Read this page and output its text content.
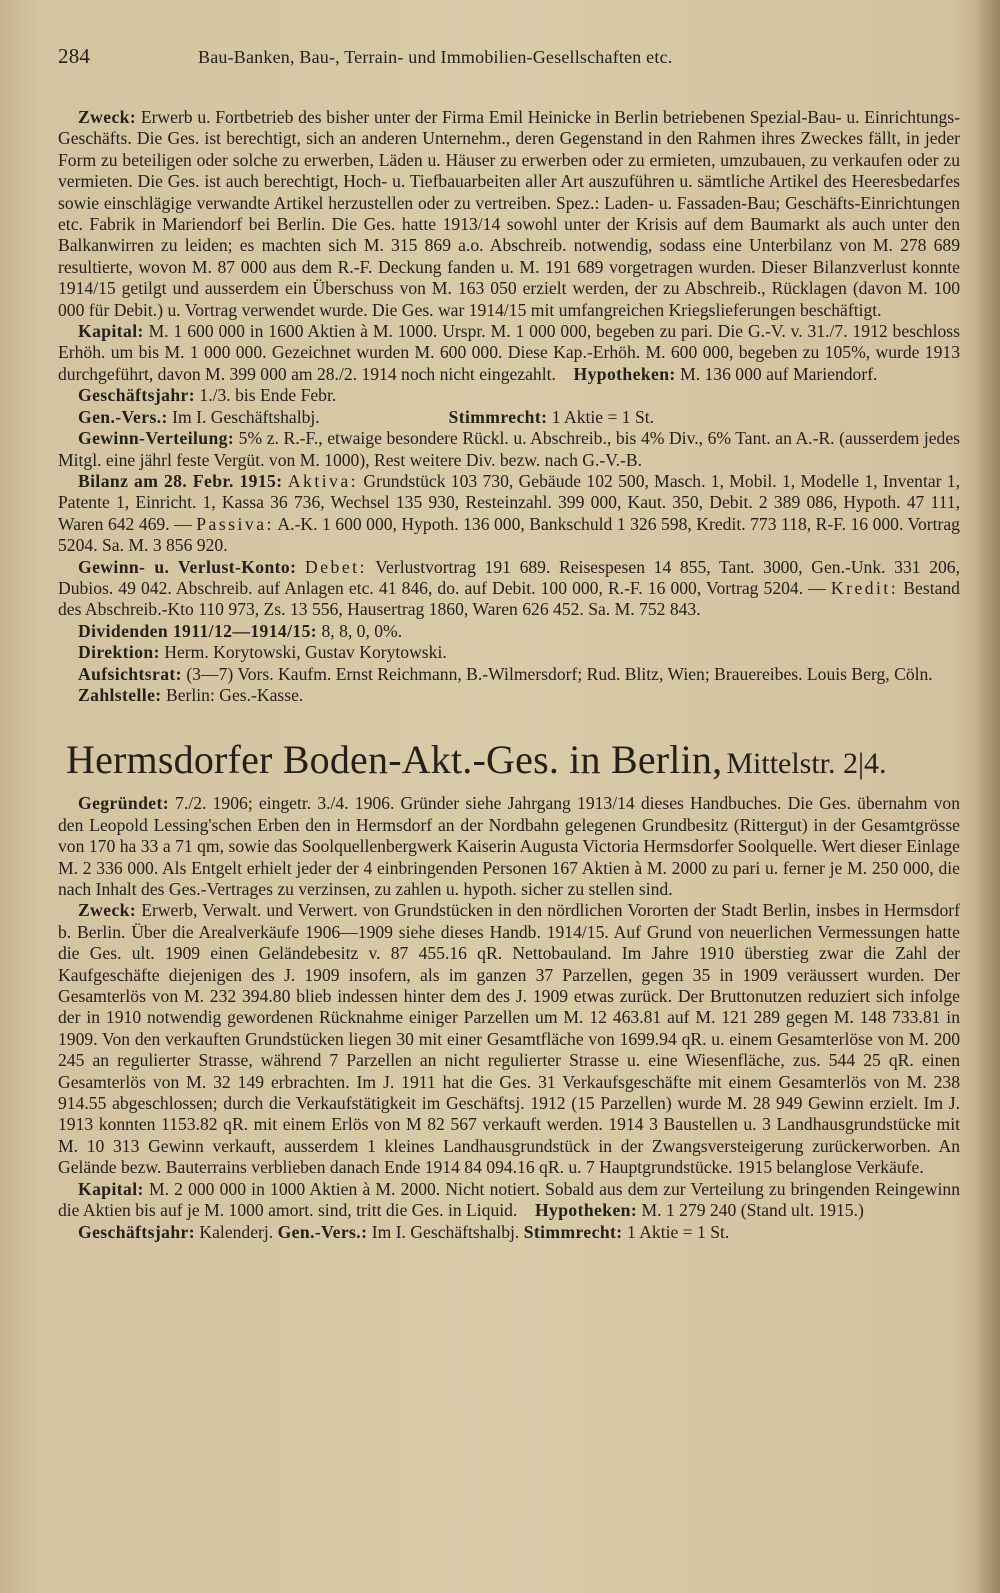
284	Bau-Banken, Bau-, Terrain- und Immobilien-Gesellschaften etc.

Zweck: Erwerb u. Fortbetrieb des bisher unter der Firma Emil Heinicke in Berlin betriebenen Spezial-Bau- u. Einrichtungs-Geschäfts. Die Ges. ist berechtigt, sich an anderen Unternehm., deren Gegenstand in den Rahmen ihres Zweckes fällt, in jeder Form zu beteiligen oder solche zu erwerben, Läden u. Häuser zu erwerben oder zu ermieten, umzubauen, zu verkaufen oder zu vermieten. Die Ges. ist auch berechtigt, Hoch- u. Tiefbauarbeiten aller Art auszuführen u. sämtliche Artikel des Heeresbedarfes sowie einschlägige verwandte Artikel herzustellen oder zu vertreiben. Spez.: Laden- u. Fassaden-Bau; Geschäfts-Einrichtungen etc. Fabrik in Mariendorf bei Berlin. Die Ges. hatte 1913/14 sowohl unter der Krisis auf dem Baumarkt als auch unter den Balkanwirren zu leiden; es machten sich M. 315 869 a.o. Abschreib. notwendig, sodass eine Unterbilanz von M. 278 689 resultierte, wovon M. 87 000 aus dem R.-F. Deckung fanden u. M. 191 689 vorgetragen wurden. Dieser Bilanzverlust konnte 1914/15 getilgt und ausserdem ein Überschuss von M. 163 050 erzielt werden, der zu Abschreib., Rücklagen (davon M. 100 000 für Debit.) u. Vortrag verwendet wurde. Die Ges. war 1914/15 mit umfangreichen Kriegslieferungen beschäftigt.

Kapital: M. 1 600 000 in 1600 Aktien à M. 1000. Urspr. M. 1 000 000, begeben zu pari. Die G.-V. v. 31./7. 1912 beschloss Erhöh. um bis M. 1 000 000. Gezeichnet wurden M. 600 000. Diese Kap.-Erhöh. M. 600 000, begeben zu 105%, wurde 1913 durchgeführt, davon M. 399 000 am 28./2. 1914 noch nicht eingezahlt. Hypotheken: M. 136 000 auf Mariendorf.

Geschäftsjahr: 1./3. bis Ende Febr.

Gen.-Vers.: Im I. Geschäftshalbj.	Stimmrecht: 1 Aktie = 1 St.

Gewinn-Verteilung: 5% z. R.-F., etwaige besondere Rückl. u. Abschreib., bis 4% Div., 6% Tant. an A.-R. (ausserdem jedes Mitgl. eine jährl feste Vergüt. von M. 1000), Rest weitere Div. bezw. nach G.-V.-B.

Bilanz am 28. Febr. 1915: Aktiva: Grundstück 103 730, Gebäude 102 500, Masch. 1, Mobil. 1, Modelle 1, Inventar 1, Patente 1, Einricht. 1, Kassa 36 736, Wechsel 135 930, Resteinzahl. 399 000, Kaut. 350, Debit. 2 389 086, Hypoth. 47 111, Waren 642 469. — Passiva: A.-K. 1 600 000, Hypoth. 136 000, Bankschuld 1 326 598, Kredit. 773 118, R-F. 16 000. Vortrag 5204. Sa. M. 3 856 920.

Gewinn- u. Verlust-Konto: Debet: Verlustvortrag 191 689. Reisespesen 14 855, Tant. 3000, Gen.-Unk. 331 206, Dubios. 49 042. Abschreib. auf Anlagen etc. 41 846, do. auf Debit. 100 000, R.-F. 16 000, Vortrag 5204. — Kredit: Bestand des Abschreib.-Kto 110 973, Zs. 13 556, Hausertrag 1860, Waren 626 452. Sa. M. 752 843.

Dividenden 1911/12—1914/15: 8, 8, 0, 0%.

Direktion: Herm. Korytowski, Gustav Korytowski.

Aufsichtsrat: (3—7) Vors. Kaufm. Ernst Reichmann, B.-Wilmersdorf; Rud. Blitz, Wien; Brauereibes. Louis Berg, Cöln.

Zahlstelle: Berlin: Ges.-Kasse.

Hermsdorfer Boden-Akt.-Ges. in Berlin, Mittelstr. 2|4.

Gegründet: 7./2. 1906; eingetr. 3./4. 1906. Gründer siehe Jahrgang 1913/14 dieses Handbuches. Die Ges. übernahm von den Leopold Lessing'schen Erben den in Hermsdorf an der Nordbahn gelegenen Grundbesitz (Rittergut) in der Gesamtgrösse von 170 ha 33 a 71 qm, sowie das Soolquellenbergwerk Kaiserin Augusta Victoria Hermsdorfer Soolquelle. Wert dieser Einlage M. 2 336 000. Als Entgelt erhielt jeder der 4 einbringenden Personen 167 Aktien à M. 2000 zu pari u. ferner je M. 250 000, die nach Inhalt des Ges.-Vertrages zu verzinsen, zu zahlen u. hypoth. sicher zu stellen sind.

Zweck: Erwerb, Verwalt. und Verwert. von Grundstücken in den nördlichen Vororten der Stadt Berlin, insbes in Hermsdorf b. Berlin. Über die Arealverkäufe 1906—1909 siehe dieses Handb. 1914/15. Auf Grund von neuerlichen Vermessungen hatte die Ges. ult. 1909 einen Geländebesitz v. 87 455.16 qR. Nettobauland. Im Jahre 1910 überstieg zwar die Zahl der Kaufgeschäfte diejenigen des J. 1909 insofern, als im ganzen 37 Parzellen, gegen 35 in 1909 veräussert wurden. Der Gesamterlös von M. 232 394.80 blieb indessen hinter dem des J. 1909 etwas zurück. Der Bruttonutzen reduziert sich infolge der in 1910 notwendig gewordenen Rücknahme einiger Parzellen um M. 12 463.81 auf M. 121 289 gegen M. 148 733.81 in 1909. Von den verkauften Grundstücken liegen 30 mit einer Gesamtfläche von 1699.94 qR. u. einem Gesamterlöse von M. 200 245 an regulierter Strasse, während 7 Parzellen an nicht regulierter Strasse u. eine Wiesenfläche, zus. 544 25 qR. einen Gesamterlös von M. 32 149 erbrachten. Im J. 1911 hat die Ges. 31 Verkaufsgeschäfte mit einem Gesamterlös von M. 238 914.55 abgeschlossen; durch die Verkaufstätigkeit im Geschäftsj. 1912 (15 Parzellen) wurde M. 28 949 Gewinn erzielt. Im J. 1913 konnten 1153.82 qR. mit einem Erlös von M 82 567 verkauft werden. 1914 3 Baustellen u. 3 Landhausgrundstücke mit M. 10 313 Gewinn verkauft, ausserdem 1 kleines Landhausgrundstück in der Zwangsversteigerung zurückerworben. An Gelände bezw. Bauterrains verblieben danach Ende 1914 84 094.16 qR. u. 7 Hauptgrundstücke. 1915 belanglose Verkäufe.

Kapital: M. 2 000 000 in 1000 Aktien à M. 2000. Nicht notiert. Sobald aus dem zur Verteilung zu bringenden Reingewinn die Aktien bis auf je M. 1000 amort. sind, tritt die Ges. in Liquid. Hypotheken: M. 1 279 240 (Stand ult. 1915.)

Geschäftsjahr: Kalenderj. Gen.-Vers.: Im I. Geschäftshalbj. Stimmrecht: 1 Aktie = 1 St.
